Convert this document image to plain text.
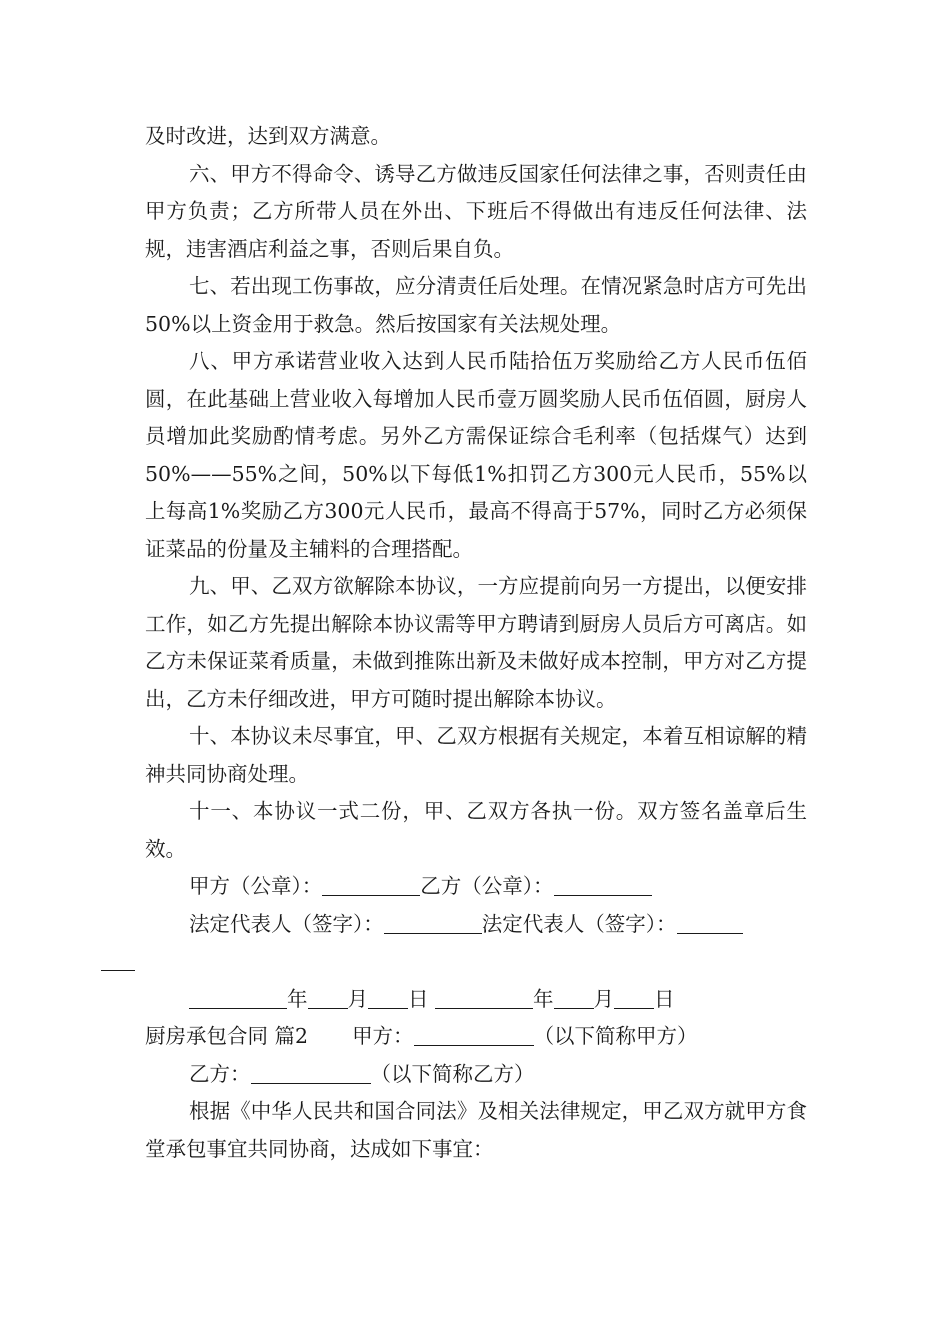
及时改进，达到双方满意。

六、甲方不得命令、诱导乙方做违反国家任何法律之事，否则责任由甲方负责；乙方所带人员在外出、下班后不得做出有违反任何法律、法规，违害酒店利益之事，否则后果自负。

七、若出现工伤事故，应分清责任后处理。在情况紧急时店方可先出50%以上资金用于救急。然后按国家有关法规处理。

八、甲方承诺营业收入达到人民币陆拾伍万奖励给乙方人民币伍佰圆，在此基础上营业收入每增加人民币壹万圆奖励人民币伍佰圆，厨房人员增加此奖励酌情考虑。另外乙方需保证综合毛利率（包括煤气）达到50%——55%之间，50%以下每低1%扣罚乙方300元人民币，55%以上每高1%奖励乙方300元人民币，最高不得高于57%，同时乙方必须保证菜品的份量及主辅料的合理搭配。

九、甲、乙双方欲解除本协议，一方应提前向另一方提出，以便安排工作，如乙方先提出解除本协议需等甲方聘请到厨房人员后方可离店。如乙方未保证菜肴质量，未做到推陈出新及未做好成本控制，甲方对乙方提出，乙方未仔细改进，甲方可随时提出解除本协议。

十、本协议未尽事宜，甲、乙双方根据有关规定，本着互相谅解的精神共同协商处理。

十一、本协议一式二份，甲、乙双方各执一份。双方签名盖章后生效。

甲方（公章）：	乙方（公章）：

法定代表人（签字）：	法定代表人（签字）：

年 月 日	年 月 日

厨房承包合同 篇2 甲方：	（以下简称甲方）

乙方：	（以下简称乙方）

根据《中华人民共和国合同法》及相关法律规定，甲乙双方就甲方食堂承包事宜共同协商，达成如下事宜：
